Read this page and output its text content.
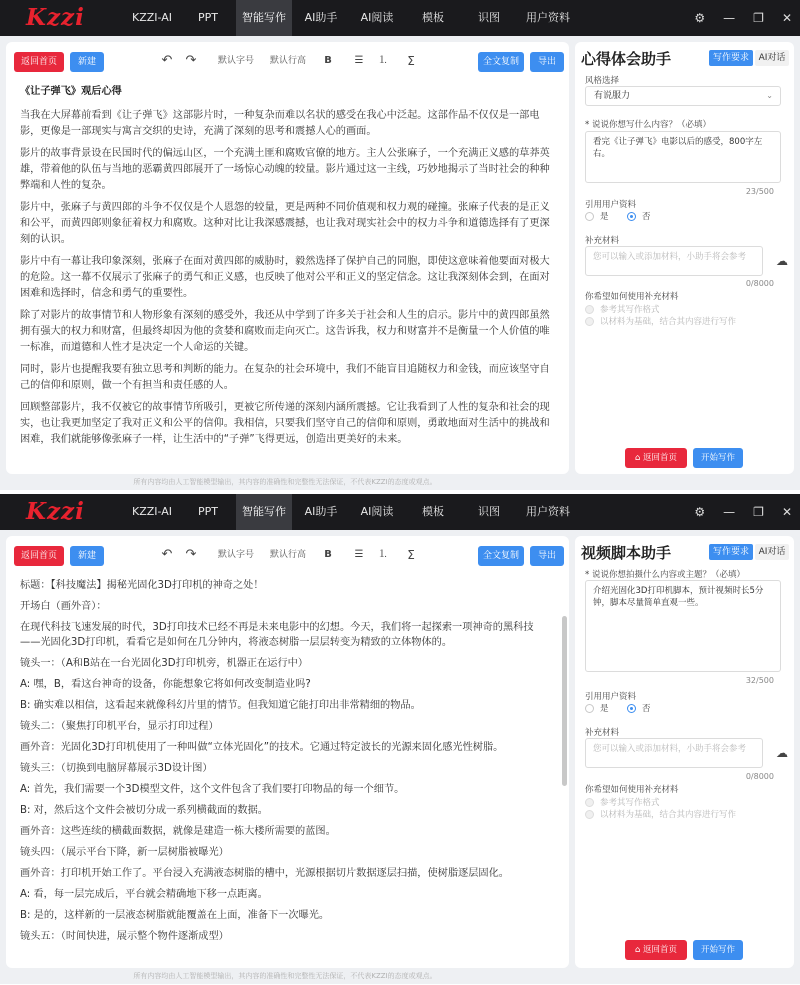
Kzzi	KZZI-AI	PPT	智能写作	AI助手	AI阅读	模板	识图	用户资料	⚙ — ❐ ✕
返回首页	新建	↶ ↷	默认字号	默认行高	B ☰ ⒈ Σ	全文复制	导出

《让子弹飞》观后心得

当我在大屏幕前看到《让子弹飞》这部影片时，一种复杂而难以名状的感受在我心中泛起。这部作品不仅仅是一部电影，更像是一部现实与寓言交织的史诗，充满了深刻的思考和震撼人心的画面。

影片的故事背景设在民国时代的偏远山区，一个充满土匪和腐败官僚的地方。主人公张麻子，一个充满正义感的草莽英雄，带着他的队伍与当地的恶霸黄四郎展开了一场惊心动魄的较量。影片通过这一主线，巧妙地揭示了当时社会的种种弊端和人性的复杂。

影片中，张麻子与黄四郎的斗争不仅仅是个人恩怨的较量，更是两种不同价值观和权力观的碰撞。张麻子代表的是正义和公平，而黄四郎则象征着权力和腐败。这种对比让我深感震撼，也让我对现实社会中的权力斗争和道德选择有了更深刻的认识。

影片中有一幕让我印象深刻，张麻子在面对黄四郎的威胁时，毅然选择了保护自己的同胞，即使这意味着他要面对极大的危险。这一幕不仅展示了张麻子的勇气和正义感，也反映了他对公平和正义的坚定信念。这让我深刻体会到，在面对困难和选择时，信念和勇气的重要性。

除了对影片的故事情节和人物形象有深刻的感受外，我还从中学到了许多关于社会和人生的启示。影片中的黄四郎虽然拥有强大的权力和财富，但最终却因为他的贪婪和腐败而走向灭亡。这告诉我，权力和财富并不是衡量一个人价值的唯一标准，而道德和人性才是决定一个人命运的关键。

同时，影片也提醒我要有独立思考和判断的能力。在复杂的社会环境中，我们不能盲目追随权力和金钱，而应该坚守自己的信仰和原则，做一个有担当和责任感的人。

回顾整部影片，我不仅被它的故事情节所吸引，更被它所传递的深刻内涵所震撼。它让我看到了人性的复杂和社会的现实，也让我更加坚定了我对正义和公平的信仰。我相信，只要我们坚守自己的信仰和原则，勇敢地面对生活中的挑战和困难，我们就能够像张麻子一样，让生活中的“子弹”飞得更远，创造出更美好的未来。

所有内容均由人工智能模型输出，其内容的准确性和完整性无法保证，不代表KZZI的态度或观点。
心得体会助手	写作要求	AI对话
风格选择
有说服力	⌄
* 说说你想写什么内容？（必填）
看完《让子弹飞》电影以后的感受，800字左右。
23/500
引用用户资料
是	否
补充材料
您可以输入或添加材料，小助手将会参考	☁
0/8000
你希望如何使用补充材料
参考其写作格式
以材料为基础，结合其内容进行写作
⌂ 返回首页	开始写作
Kzzi	KZZI-AI	PPT	智能写作	AI助手	AI阅读	模板	识图	用户资料	⚙ — ❐ ✕
返回首页	新建	↶ ↷	默认字号	默认行高	B ☰ ⒈ Σ	全文复制	导出

标题：【科技魔法】揭秘光固化3D打印机的神奇之处！

开场白（画外音）：

在现代科技飞速发展的时代，3D打印技术已经不再是未来电影中的幻想。今天，我们将一起探索一项神奇的黑科技——光固化3D打印机，看看它是如何在几分钟内，将液态树脂一层层转变为精致的立体物体的。

镜头一：（A和B站在一台光固化3D打印机旁，机器正在运行中）

A: 嘿，B，看这台神奇的设备，你能想象它将如何改变制造业吗?

B: 确实难以相信，这看起来就像科幻片里的情节。但我知道它能打印出非常精细的物品。

镜头二：（聚焦打印机平台，显示打印过程）

画外音：光固化3D打印机使用了一种叫做“立体光固化”的技术。它通过特定波长的光源来固化感光性树脂。

镜头三：（切换到电脑屏幕展示3D设计图）

A: 首先，我们需要一个3D模型文件，这个文件包含了我们要打印物品的每一个细节。

B: 对，然后这个文件会被切分成一系列横截面的数据。

画外音：这些连续的横截面数据，就像是建造一栋大楼所需要的蓝图。

镜头四：（展示平台下降，新一层树脂被曝光）

画外音：打印机开始工作了。平台浸入充满液态树脂的槽中，光源根据切片数据逐层扫描，使树脂逐层固化。

A: 看，每一层完成后，平台就会精确地下移一点距离。

B: 是的，这样新的一层液态树脂就能覆盖在上面，准备下一次曝光。

镜头五：（时间快进，展示整个物件逐渐成型）

所有内容均由人工智能模型输出，其内容的准确性和完整性无法保证，不代表KZZI的态度或观点。
视频脚本助手	写作要求	AI对话
* 说说你想拍摄什么内容或主题？（必填）
介绍光固化3D打印机脚本，预计视频时长5分钟，脚本尽量简单直观一些。
32/500
引用用户资料
是	否
补充材料
您可以输入或添加材料，小助手将会参考	☁
0/8000
你希望如何使用补充材料
参考其写作格式
以材料为基础，结合其内容进行写作
⌂ 返回首页	开始写作
